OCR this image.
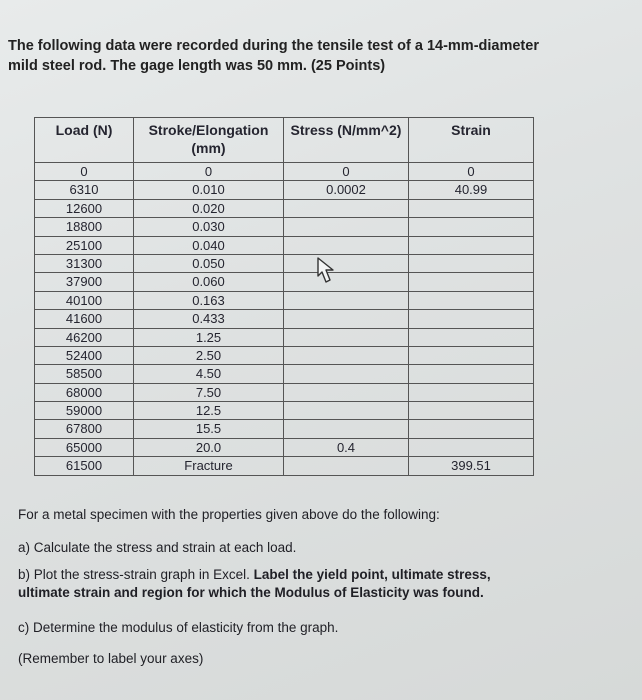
The following data were recorded during the tensile test of a 14-mm-diameter
mild steel rod. The gage length was 50 mm. (25 Points)
Load (N)	Stroke/Elongation (mm)	Stress (N/mm^2)	Strain
0	0	0	0
6310	0.010	0.0002	40.99
12600	0.020		
18800	0.030		
25100	0.040		
31300	0.050		
37900	0.060		
40100	0.163		
41600	0.433		
46200	1.25		
52400	2.50		
58500	4.50		
68000	7.50		
59000	12.5		
67800	15.5		
65000	20.0	0.4	
61500	Fracture		399.51

For a metal specimen with the properties given above do the following:

a) Calculate the stress and strain at each load.

b) Plot the stress-strain graph in Excel. Label the yield point, ultimate stress,
ultimate strain and region for which the Modulus of Elasticity was found.

c) Determine the modulus of elasticity from the graph.

(Remember to label your axes)
